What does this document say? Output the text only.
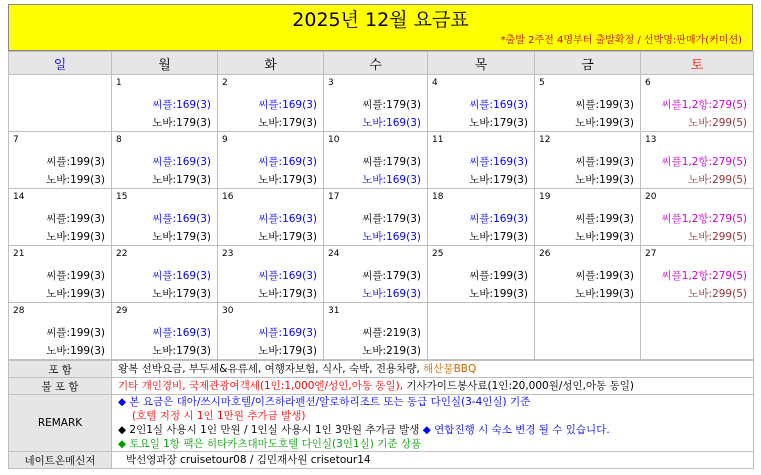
2025년 12월 요금표
*출발 2주전 4명부터 출발확정 / 선박명:판매가(커미션)
일	월	화	수	목	금	토

	1
씨플:169(3)
노바:179(3)	2
씨플:169(3)
노바:179(3)	3
씨플:179(3)
노바:169(3)	4
씨플:169(3)
노바:179(3)	5
씨플:199(3)
노바:199(3)	6
씨플1,2항:279(5)
노바:299(5)

7
씨플:199(3)
노바:199(3)	8
씨플:169(3)
노바:179(3)	9
씨플:169(3)
노바:179(3)	10
씨플:179(3)
노바:169(3)	11
씨플:169(3)
노바:179(3)	12
씨플:199(3)
노바:199(3)	13
씨플1,2항:279(5)
노바:299(5)

14
씨플:199(3)
노바:199(3)	15
씨플:169(3)
노바:179(3)	16
씨플:169(3)
노바:179(3)	17
씨플:179(3)
노바:169(3)	18
씨플:169(3)
노바:179(3)	19
씨플:199(3)
노바:199(3)	20
씨플1,2항:279(5)
노바:299(5)

21
씨플:199(3)
노바:199(3)	22
씨플:169(3)
노바:179(3)	23
씨플:169(3)
노바:179(3)	24
씨플:179(3)
노바:169(3)	25
씨플:199(3)
노바:199(3)	26
씨플:199(3)
노바:199(3)	27
씨플1,2항:279(5)
노바:299(5)

28
씨플:199(3)
노바:199(3)	29
씨플:169(3)
노바:179(3)	30
씨플:169(3)
노바:179(3)	31
씨플:219(3)
노바:219(3)			

포 함	왕복 선박요금, 부두세&유류세, 여행자보험, 식사, 숙박, 전용차량, 해산물BBQ
불 포 함	기타 개인경비, 국제관광여객세(1인:1,000엔/성인,아동 동일), 기사가이드봉사료(1인:20,000원/성인,아동 동일)
REMARK	◆ 본 요금은 대아/쓰시마호텔/이즈하라펜션/알로하리조트 또는 동급 다인실(3-4인실) 기준
(호텔 지정 시 1인 1만원 추가금 발생)
◆ 2인1실 사용시 1인 만원 / 1인실 사용시 1인 3만원 추가금 발생 ◆ 연합진행 시 숙소 변경 될 수 있습니다.
◆ 토요일 1항 팩은 히타카츠대마도호텔 다인실(3인1실) 기준 상품

네이트온메신저	박선영과장 cruisetour08 / 김민재사원 crisetour14
